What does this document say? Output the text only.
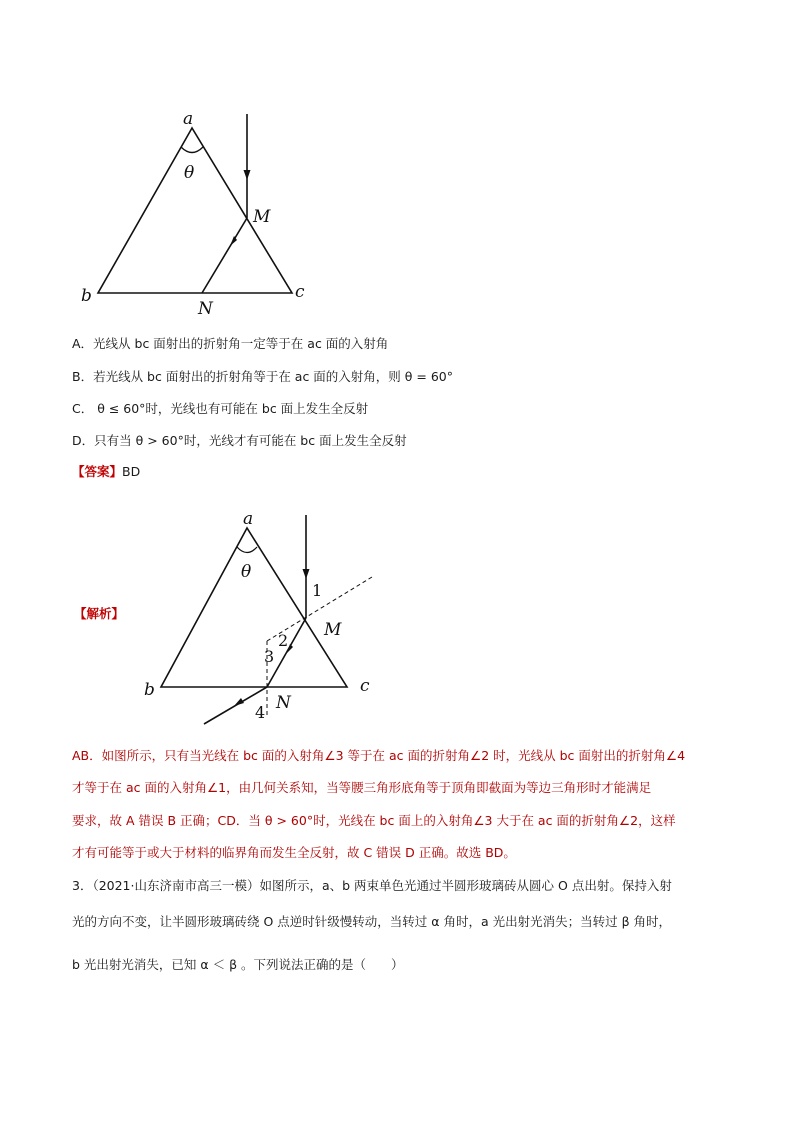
a
θ
M
b
N
c
A．光线从 bc 面射出的折射角一定等于在 ac 面的入射角
B．若光线从 bc 面射出的折射角等于在 ac 面的入射角，则 θ = 60°
C． θ ≤ 60°时，光线也有可能在 bc 面上发生全反射
D．只有当 θ > 60°时，光线才有可能在 bc 面上发生全反射
【答案】BD
【解析】
a
θ
1
M
2
3
b	c
N
4
AB．如图所示，只有当光线在 bc 面的入射角∠3 等于在 ac 面的折射角∠2 时，光线从 bc 面射出的折射角∠4
才等于在 ac 面的入射角∠1，由几何关系知，当等腰三角形底角等于顶角即截面为等边三角形时才能满足
要求，故 A 错误 B 正确；CD．当 θ > 60°时，光线在 bc 面上的入射角∠3 大于在 ac 面的折射角∠2，这样
才有可能等于或大于材料的临界角而发生全反射，故 C 错误 D 正确。故选 BD。
3．（2021·山东济南市高三一模）如图所示，a、b 两束单色光通过半圆形玻璃砖从圆心 O 点出射。保持入射
光的方向不变，让半圆形玻璃砖绕 O 点逆时针级慢转动，当转过 α 角时，a 光出射光消失；当转过 β 角时，
b 光出射光消失，已知 α ＜ β 。下列说法正确的是（　　）
